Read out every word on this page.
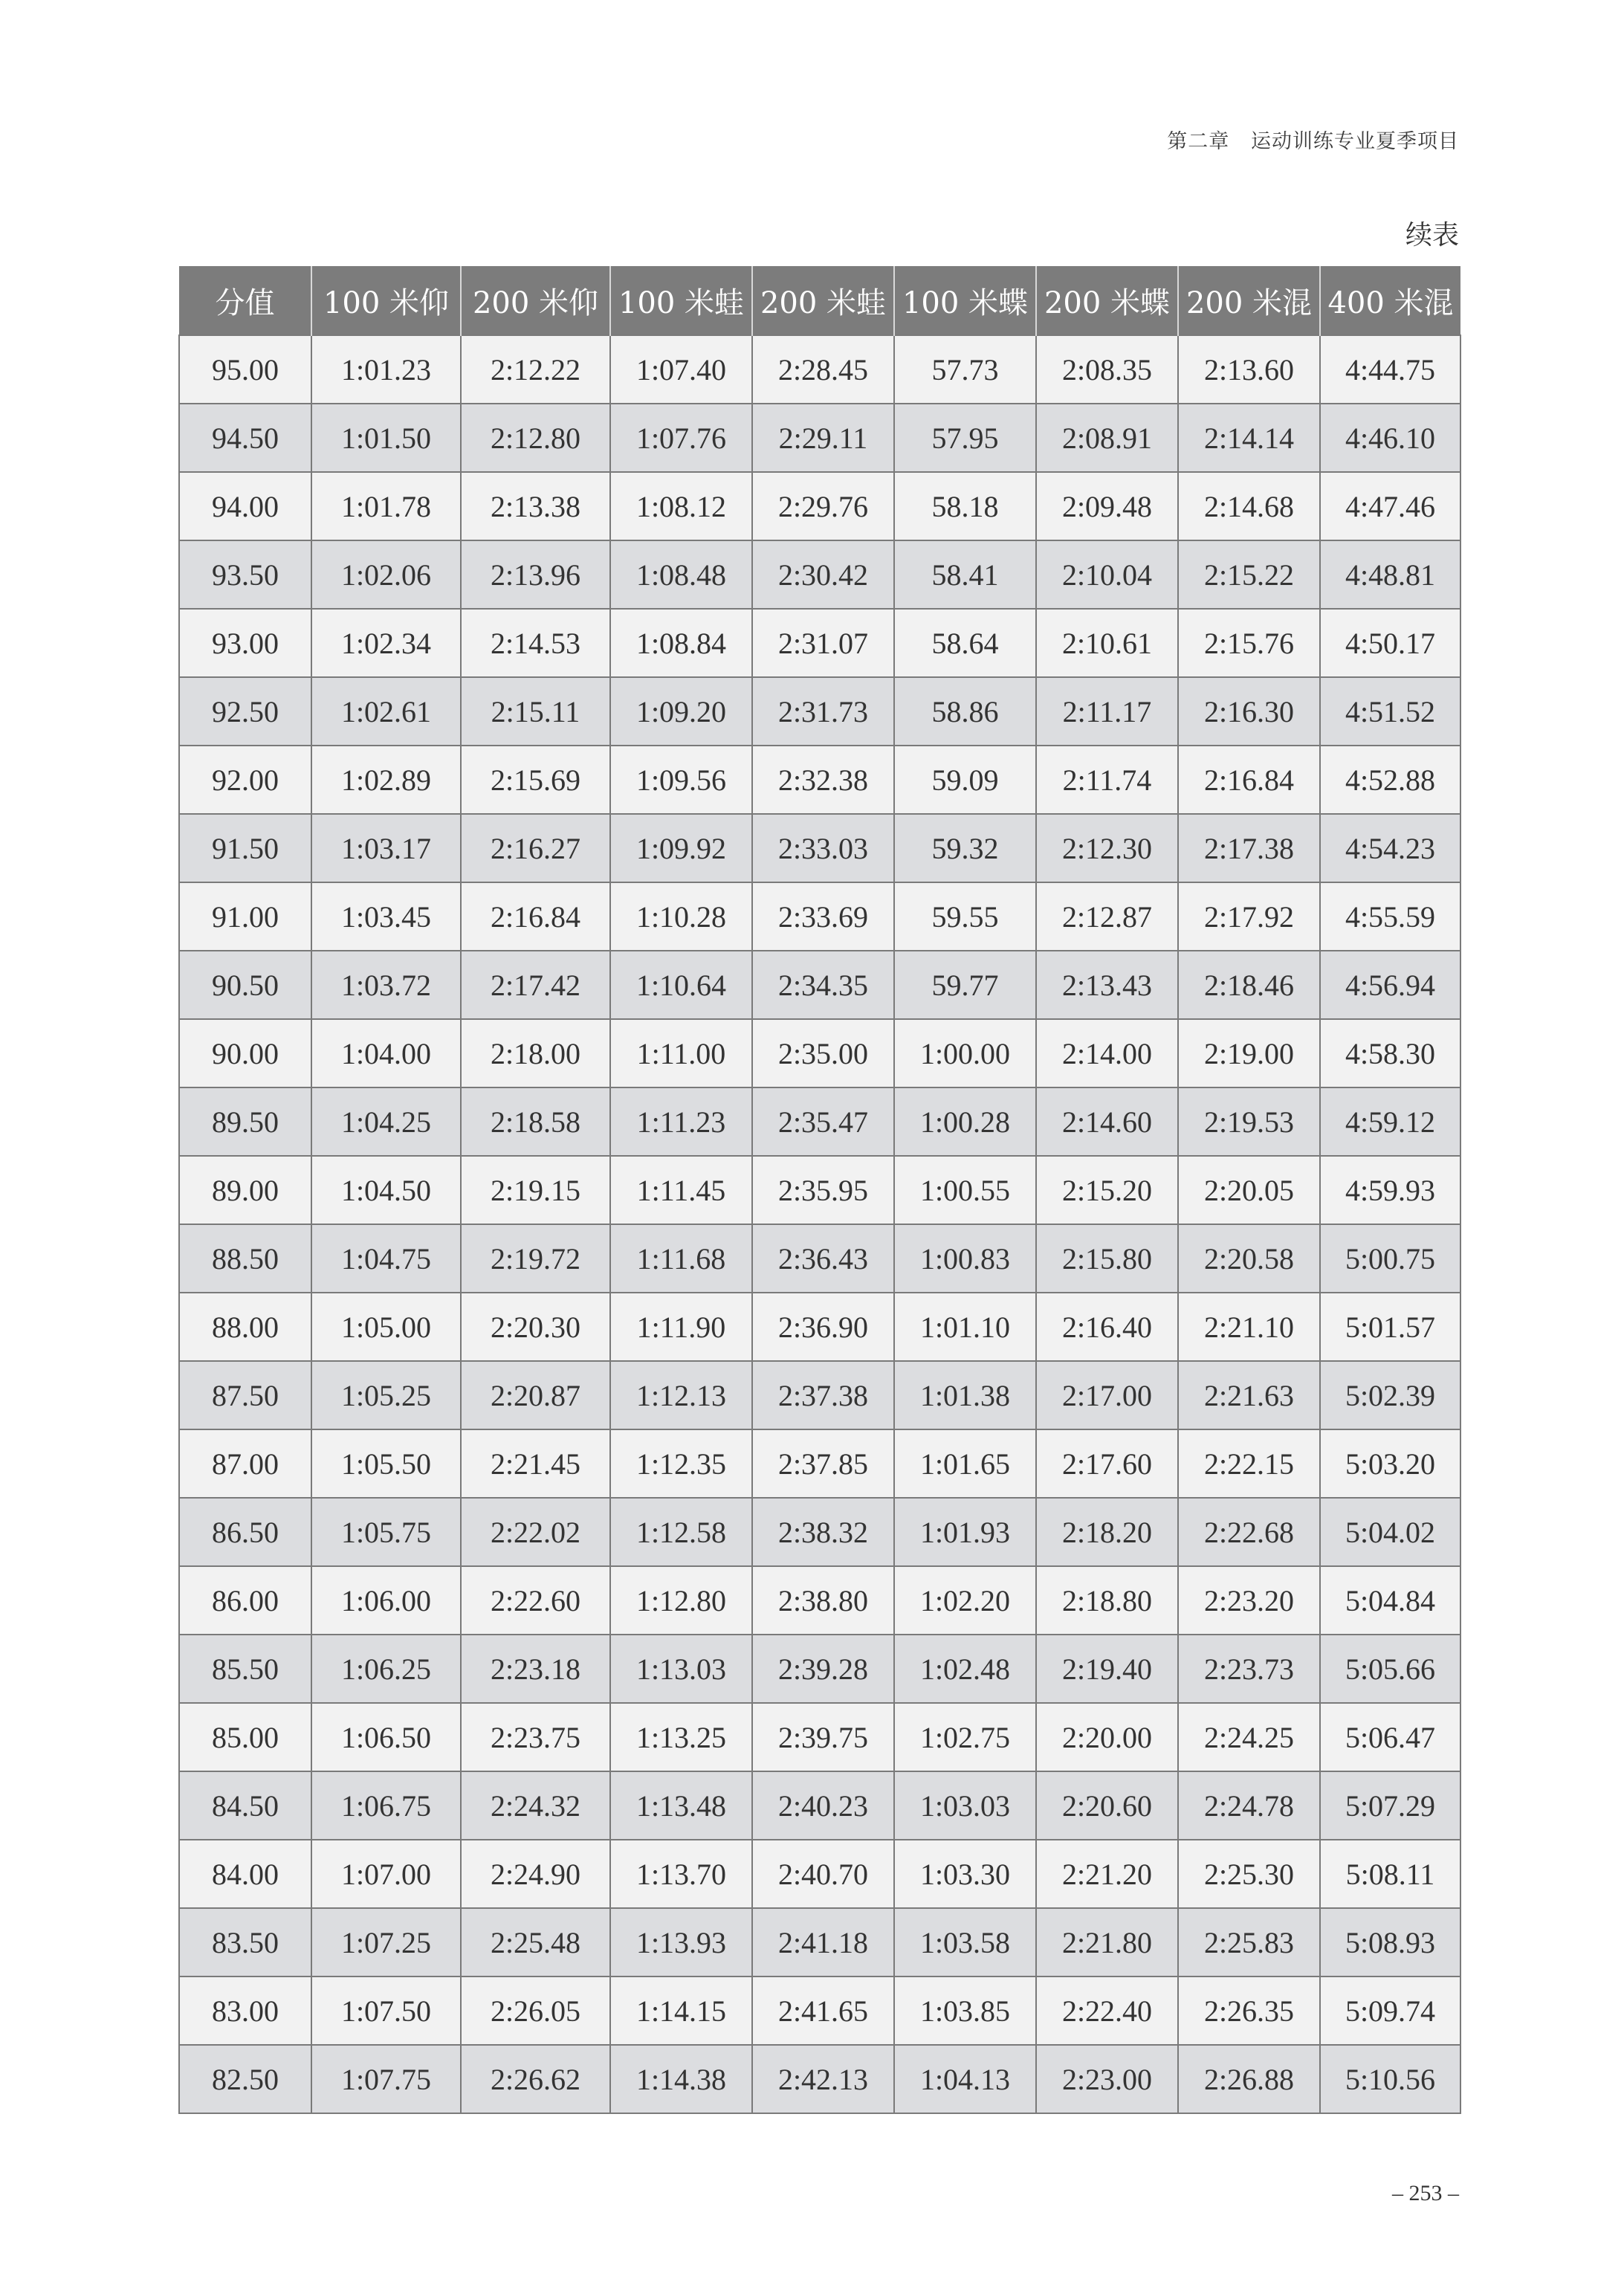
第二章   运动训练专业夏季项目
续表
分值	100 米仰	200 米仰	100 米蛙	200 米蛙	100 米蝶	200 米蝶	200 米混	400 米混
95.00	1:01.23	2:12.22	1:07.40	2:28.45	57.73	2:08.35	2:13.60	4:44.75
94.50	1:01.50	2:12.80	1:07.76	2:29.11	57.95	2:08.91	2:14.14	4:46.10
94.00	1:01.78	2:13.38	1:08.12	2:29.76	58.18	2:09.48	2:14.68	4:47.46
93.50	1:02.06	2:13.96	1:08.48	2:30.42	58.41	2:10.04	2:15.22	4:48.81
93.00	1:02.34	2:14.53	1:08.84	2:31.07	58.64	2:10.61	2:15.76	4:50.17
92.50	1:02.61	2:15.11	1:09.20	2:31.73	58.86	2:11.17	2:16.30	4:51.52
92.00	1:02.89	2:15.69	1:09.56	2:32.38	59.09	2:11.74	2:16.84	4:52.88
91.50	1:03.17	2:16.27	1:09.92	2:33.03	59.32	2:12.30	2:17.38	4:54.23
91.00	1:03.45	2:16.84	1:10.28	2:33.69	59.55	2:12.87	2:17.92	4:55.59
90.50	1:03.72	2:17.42	1:10.64	2:34.35	59.77	2:13.43	2:18.46	4:56.94
90.00	1:04.00	2:18.00	1:11.00	2:35.00	1:00.00	2:14.00	2:19.00	4:58.30
89.50	1:04.25	2:18.58	1:11.23	2:35.47	1:00.28	2:14.60	2:19.53	4:59.12
89.00	1:04.50	2:19.15	1:11.45	2:35.95	1:00.55	2:15.20	2:20.05	4:59.93
88.50	1:04.75	2:19.72	1:11.68	2:36.43	1:00.83	2:15.80	2:20.58	5:00.75
88.00	1:05.00	2:20.30	1:11.90	2:36.90	1:01.10	2:16.40	2:21.10	5:01.57
87.50	1:05.25	2:20.87	1:12.13	2:37.38	1:01.38	2:17.00	2:21.63	5:02.39
87.00	1:05.50	2:21.45	1:12.35	2:37.85	1:01.65	2:17.60	2:22.15	5:03.20
86.50	1:05.75	2:22.02	1:12.58	2:38.32	1:01.93	2:18.20	2:22.68	5:04.02
86.00	1:06.00	2:22.60	1:12.80	2:38.80	1:02.20	2:18.80	2:23.20	5:04.84
85.50	1:06.25	2:23.18	1:13.03	2:39.28	1:02.48	2:19.40	2:23.73	5:05.66
85.00	1:06.50	2:23.75	1:13.25	2:39.75	1:02.75	2:20.00	2:24.25	5:06.47
84.50	1:06.75	2:24.32	1:13.48	2:40.23	1:03.03	2:20.60	2:24.78	5:07.29
84.00	1:07.00	2:24.90	1:13.70	2:40.70	1:03.30	2:21.20	2:25.30	5:08.11
83.50	1:07.25	2:25.48	1:13.93	2:41.18	1:03.58	2:21.80	2:25.83	5:08.93
83.00	1:07.50	2:26.05	1:14.15	2:41.65	1:03.85	2:22.40	2:26.35	5:09.74
82.50	1:07.75	2:26.62	1:14.38	2:42.13	1:04.13	2:23.00	2:26.88	5:10.56
– 253 –
